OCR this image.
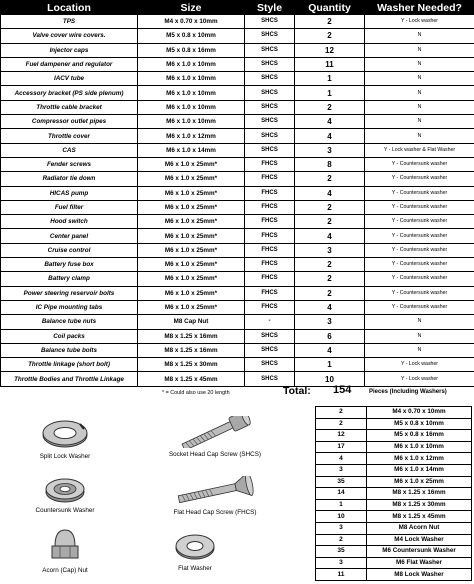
Location	Size	Style	Quantity	Washer Needed?
TPS	M4 x 0.70 x 10mm	SHCS	2	Y - Lock washer
Valve cover wire covers.	M5 x 0.8 x 10mm	SHCS	2	N
Injector caps	M5 x 0.8 x 16mm	SHCS	12	N
Fuel dampener and regulator	M6 x 1.0 x 10mm	SHCS	11	N
IACV tube	M6 x 1.0 x 10mm	SHCS	1	N
Accessory bracket (PS side plenum)	M6 x 1.0 x 10mm	SHCS	1	N
Throttle cable bracket	M6 x 1.0 x 10mm	SHCS	2	N
Compressor outlet pipes	M6 x 1.0 x 10mm	SHCS	4	N
Throttle cover	M6 x 1.0 x 12mm	SHCS	4	N
CAS	M6 x 1.0 x 14mm	SHCS	3	Y - Lock washer & Flat Washer
Fender screws	M6 x 1.0 x 25mm*	FHCS	8	Y - Countersunk washer
Radiator tie down	M6 x 1.0 x 25mm*	FHCS	2	Y - Countersunk washer
HICAS pump	M6 x 1.0 x 25mm*	FHCS	4	Y - Countersunk washer
Fuel filter	M6 x 1.0 x 25mm*	FHCS	2	Y - Countersunk washer
Hood switch	M6 x 1.0 x 25mm*	FHCS	2	Y - Countersunk washer
Center panel	M6 x 1.0 x 25mm*	FHCS	4	Y - Countersunk washer
Cruise control	M6 x 1.0 x 25mm*	FHCS	3	Y - Countersunk washer
Battery fuse box	M6 x 1.0 x 25mm*	FHCS	2	Y - Countersunk washer
Battery clamp	M6 x 1.0 x 25mm*	FHCS	2	Y - Countersunk washer
Power steering reservoir bolts	M6 x 1.0 x 25mm*	FHCS	2	Y - Countersunk washer
IC Pipe mounting tabs	M6 x 1.0 x 25mm*	FHCS	4	Y - Countersunk washer
Balance tube nuts	M8 Cap Nut	-	3	N
Coil packs	M8 x 1.25 x 16mm	SHCS	6	N
Balance tube bolts	M8 x 1.25 x 16mm	SHCS	4	N
Throttle linkage (short bolt)	M8 x 1.25 x 30mm	SHCS	1	Y - Lock washer
Throttle Bodies and Throttle Linkage	M8 x 1.25 x 45mm	SHCS	10	Y - Lock washer
* = Could also use 20 length	Total: 154	Pieces (Including Washers)
2	M4 x 0.70 x 10mm
2	M5 x 0.8 x 10mm
12	M5 x 0.8 x 16mm
17	M6 x 1.0 x 10mm
4	M6 x 1.0 x 12mm
3	M6 x 1.0 x 14mm
35	M6 x 1.0 x 25mm
14	M8 x 1.25 x 16mm
1	M8 x 1.25 x 30mm
10	M8 x 1.25 x 45mm
3	M8 Acorn Nut
2	M4 Lock Washer
35	M6 Countersunk Washer
3	M6 Flat Washer
11	M8 Lock Washer
Split Lock Washer	Socket Head Cap Screw (SHCS)
Countersunk Washer	Flat Head Cap Screw (FHCS)
Acorn (Cap) Nut	Flat Washer
